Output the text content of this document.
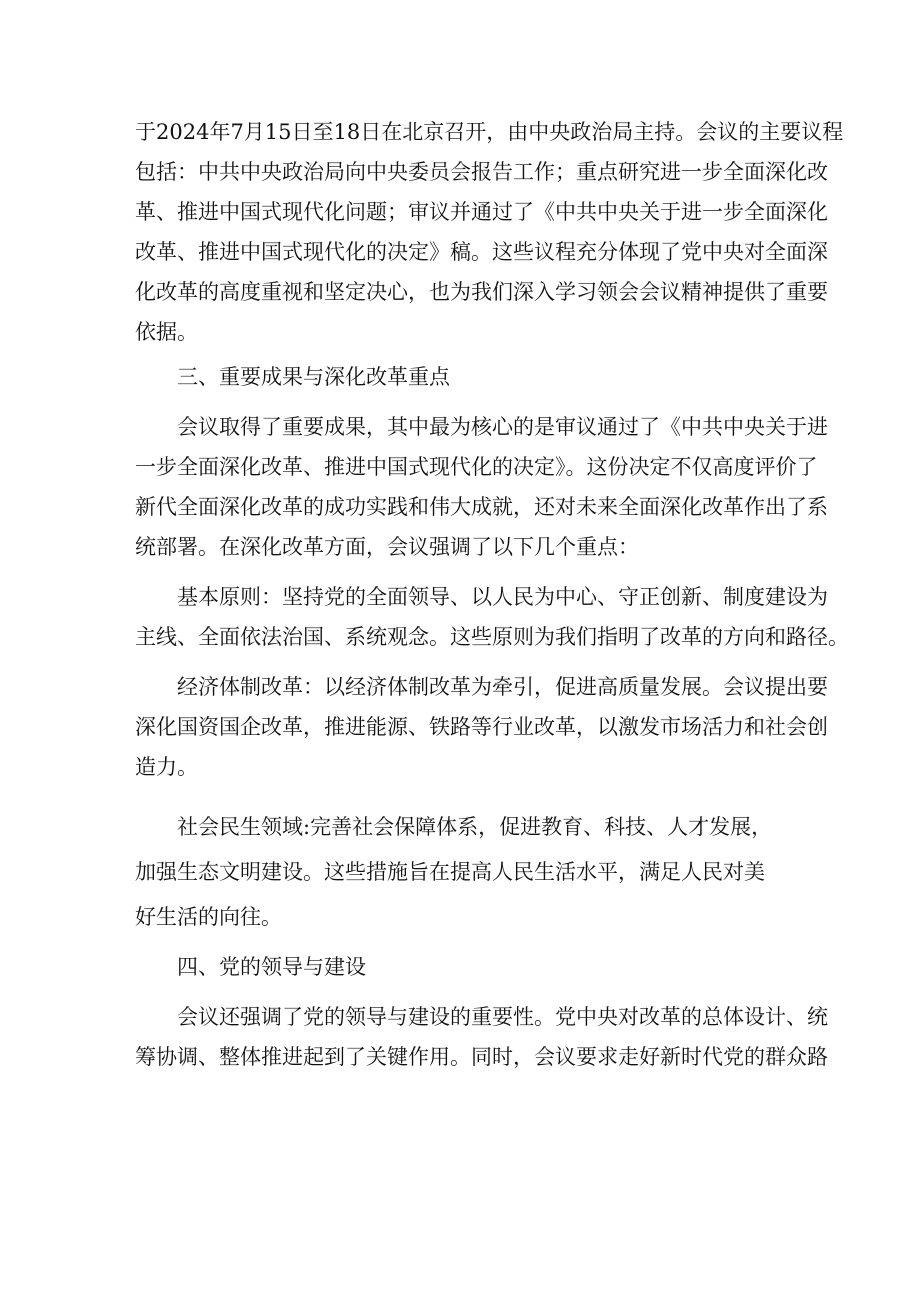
于2024年7月15日至18日在北京召开，由中央政治局主持。会议的主要议程

包括：中共中央政治局向中央委员会报告工作；重点研究进一步全面深化改

革、推进中国式现代化问题；审议并通过了《中共中央关于进一步全面深化

改革、推进中国式现代化的决定》稿。这些议程充分体现了党中央对全面深

化改革的高度重视和坚定决心，也为我们深入学习领会会议精神提供了重要

依据。

三、重要成果与深化改革重点

会议取得了重要成果，其中最为核心的是审议通过了《中共中央关于进

一步全面深化改革、推进中国式现代化的决定》。这份决定不仅高度评价了

新代全面深化改革的成功实践和伟大成就，还对未来全面深化改革作出了系

统部署。在深化改革方面，会议强调了以下几个重点：

基本原则：坚持党的全面领导、以人民为中心、守正创新、制度建设为

主线、全面依法治国、系统观念。这些原则为我们指明了改革的方向和路径。

经济体制改革：以经济体制改革为牵引，促进高质量发展。会议提出要

深化国资国企改革，推进能源、铁路等行业改革，以激发市场活力和社会创

造力。

社会民生领域:完善社会保障体系，促进教育、科技、人才发展，

加强生态文明建设。这些措施旨在提高人民生活水平，满足人民对美

好生活的向往。

四、党的领导与建设

会议还强调了党的领导与建设的重要性。党中央对改革的总体设计、统

筹协调、整体推进起到了关键作用。同时，会议要求走好新时代党的群众路
